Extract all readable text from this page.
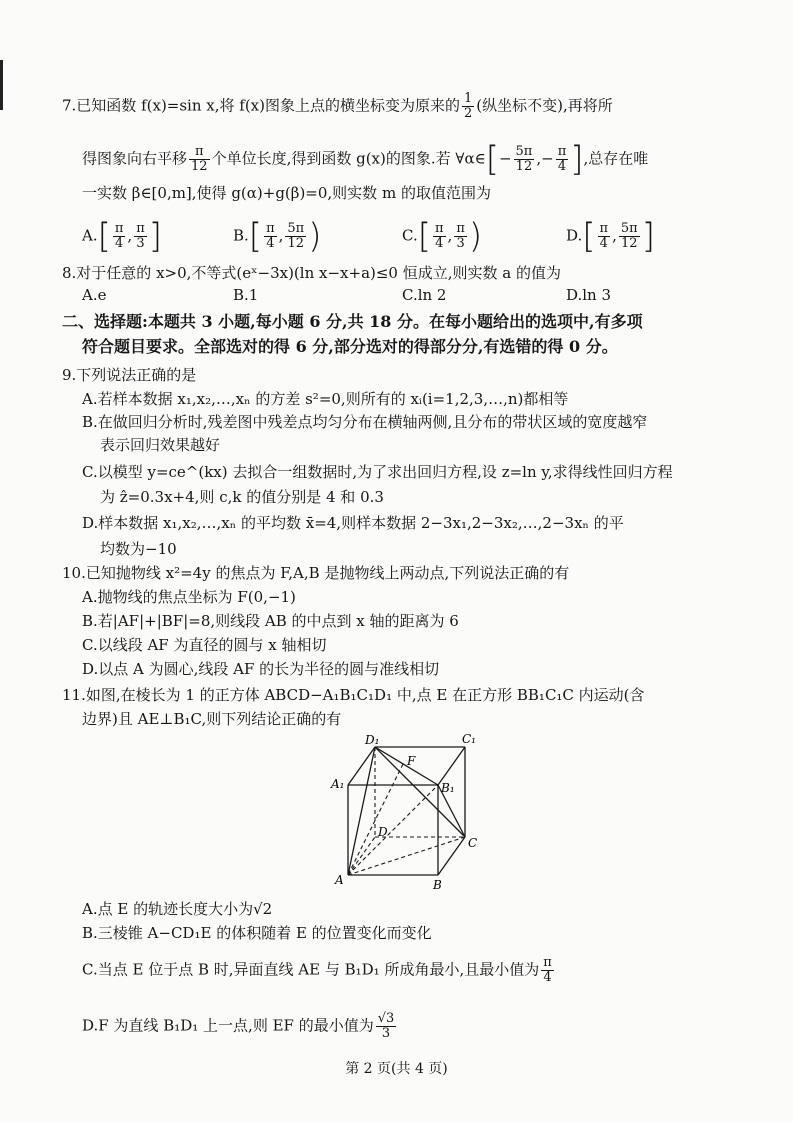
7.已知函数 f(x)=sin x,将 f(x)图象上点的横坐标变为原来的 $\frac{1}{2}$ (纵坐标不变),再将所
得图象向右平移 $\frac{\pi}{12}$ 个单位长度,得到函数 g(x)的图象.若 ∀α∈[− $\frac{5\pi}{12}$ ,− $\frac{\pi}{4}$ ],总存在唯
一实数 β∈[0,m],使得 g(α)+g(β)=0,则实数 m 的取值范围为
$A.[ \frac{\pi}{4}$ , $\frac{\pi}{3}$ ]	$B.[ \frac{\pi}{4}$ , $\frac{5\pi}{12}$ )	$C.[ \frac{\pi}{4}$ , $\frac{\pi}{3}$ )	$D.[ \frac{\pi}{4}$ , $\frac{5\pi}{12}$ ]
8.对于任意的 x>0,不等式(eˣ−3x)(ln x−x+a)≤0 恒成立,则实数 a 的值为
A.e	B.1	C.ln 2	D.ln 3
二、选择题:本题共 3 小题,每小题 6 分,共 18 分。在每小题给出的选项中,有多项
符合题目要求。全部选对的得 6 分,部分选对的得部分分,有选错的得 0 分。
9.下列说法正确的是
A.若样本数据 x₁,x₂,…,xₙ 的方差 s²=0,则所有的 xᵢ(i=1,2,3,…,n)都相等
B.在做回归分析时,残差图中残差点均匀分布在横轴两侧,且分布的带状区域的宽度越窄
表示回归效果越好
C.以模型 y=ce^(kx) 去拟合一组数据时,为了求出回归方程,设 z=ln y,求得线性回归方程
为 ẑ=0.3x+4,则 c,k 的值分别是 4 和 0.3
D.样本数据 x₁,x₂,…,xₙ 的平均数 x̄=4,则样本数据 2−3x₁,2−3x₂,…,2−3xₙ 的平
均数为−10
10.已知抛物线 x²=4y 的焦点为 F,A,B 是抛物线上两动点,下列说法正确的有
A.抛物线的焦点坐标为 F(0,−1)
B.若|AF|+|BF|=8,则线段 AB 的中点到 x 轴的距离为 6
C.以线段 AF 为直径的圆与 x 轴相切
D.以点 A 为圆心,线段 AF 的长为半径的圆与准线相切
11.如图,在棱长为 1 的正方体 ABCD−A₁B₁C₁D₁ 中,点 E 在正方形 BB₁C₁C 内运动(含
边界)且 AE⊥B₁C,则下列结论正确的有
D₁	C₁
A₁	B₁
F
D
C
A	B
A.点 E 的轨迹长度大小为√2
B.三棱锥 A−CD₁E 的体积随着 E 的位置变化而变化
C.当点 E 位于点 B 时,异面直线 AE 与 B₁D₁ 所成角最小,且最小值为 $\frac{\pi}{4}$
D.F 为直线 B₁D₁ 上一点,则 EF 的最小值为 $\frac{√3}{3}$
第 2 页(共 4 页)
